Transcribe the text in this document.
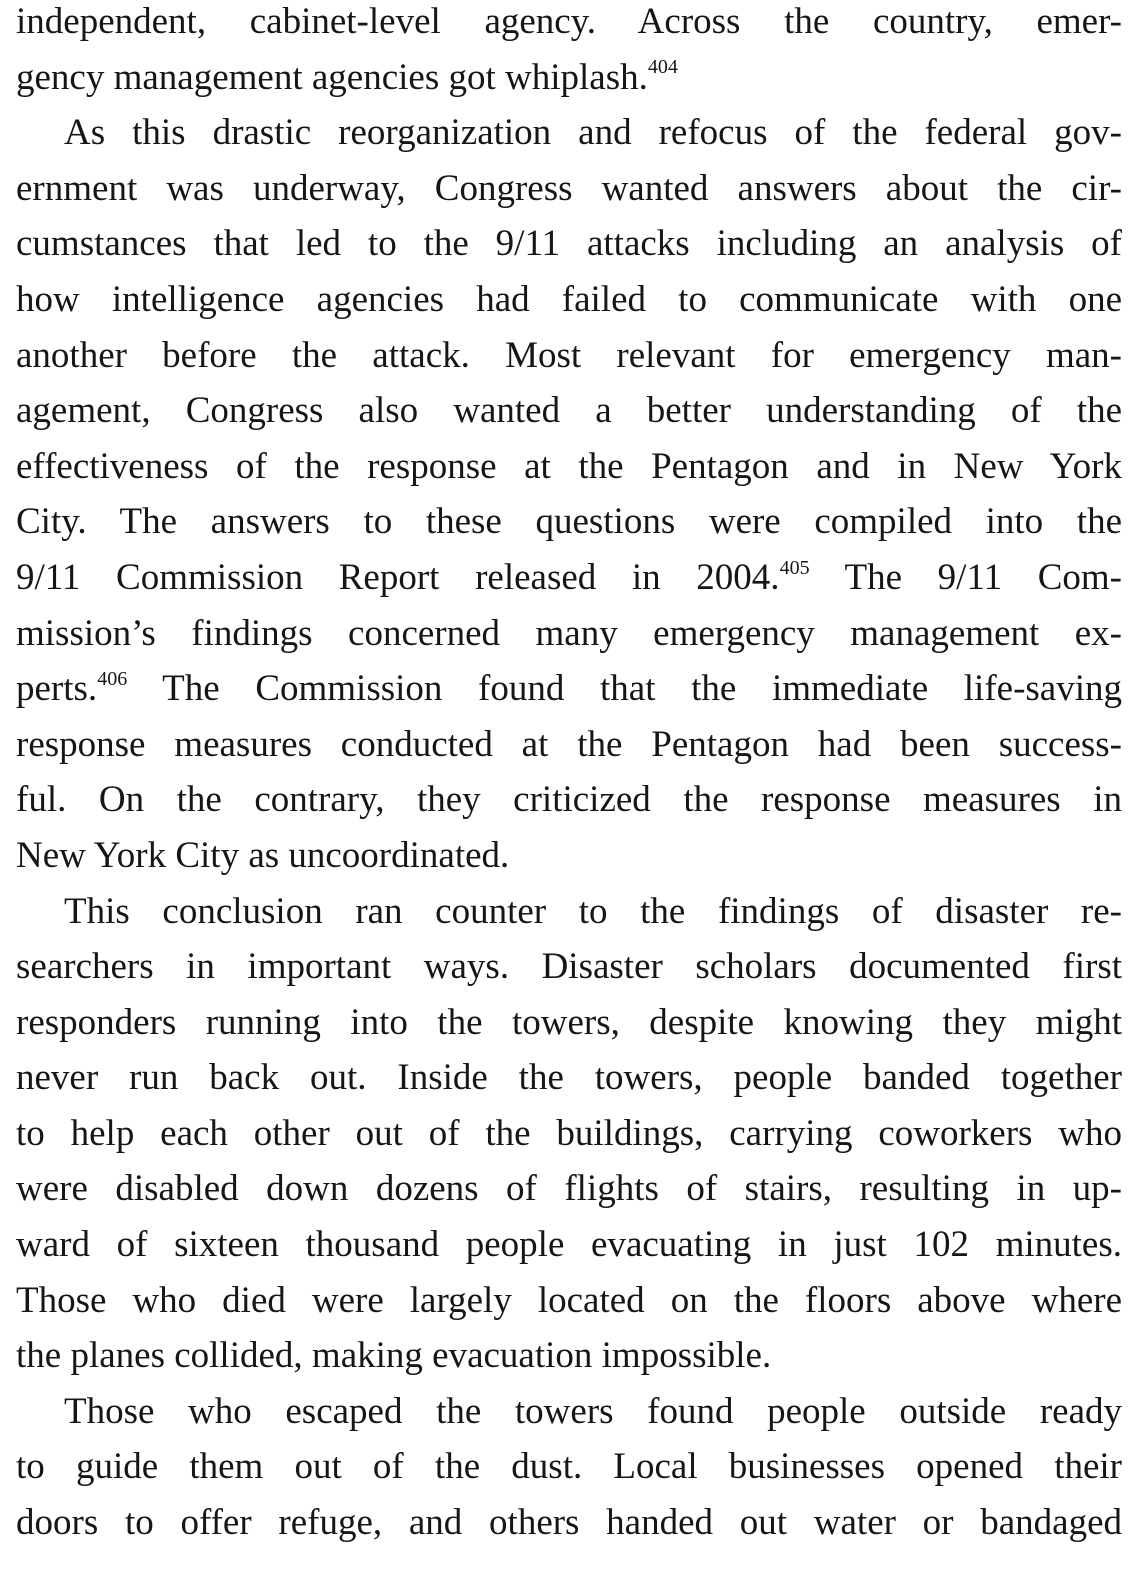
independent, cabinet-level agency. Across the country, emer-
gency management agencies got whiplash.$^{404}$
As this drastic reorganization and refocus of the federal gov-
ernment was underway, Congress wanted answers about the cir-
cumstances that led to the 9/11 attacks including an analysis of
how intelligence agencies had failed to communicate with one
another before the attack. Most relevant for emergency man-
agement, Congress also wanted a better understanding of the
effectiveness of the response at the Pentagon and in New York
City. The answers to these questions were compiled into the
9/11 Commission Report released in 2004.$^{405}$ The 9/11 Com-
mission’s findings concerned many emergency management ex-
perts.$^{406}$ The Commission found that the immediate life-saving
response measures conducted at the Pentagon had been success-
ful. On the contrary, they criticized the response measures in
New York City as uncoordinated.
This conclusion ran counter to the findings of disaster re-
searchers in important ways. Disaster scholars documented first
responders running into the towers, despite knowing they might
never run back out. Inside the towers, people banded together
to help each other out of the buildings, carrying coworkers who
were disabled down dozens of flights of stairs, resulting in up-
ward of sixteen thousand people evacuating in just 102 minutes.
Those who died were largely located on the floors above where
the planes collided, making evacuation impossible.
Those who escaped the towers found people outside ready
to guide them out of the dust. Local businesses opened their
doors to offer refuge, and others handed out water or bandaged
